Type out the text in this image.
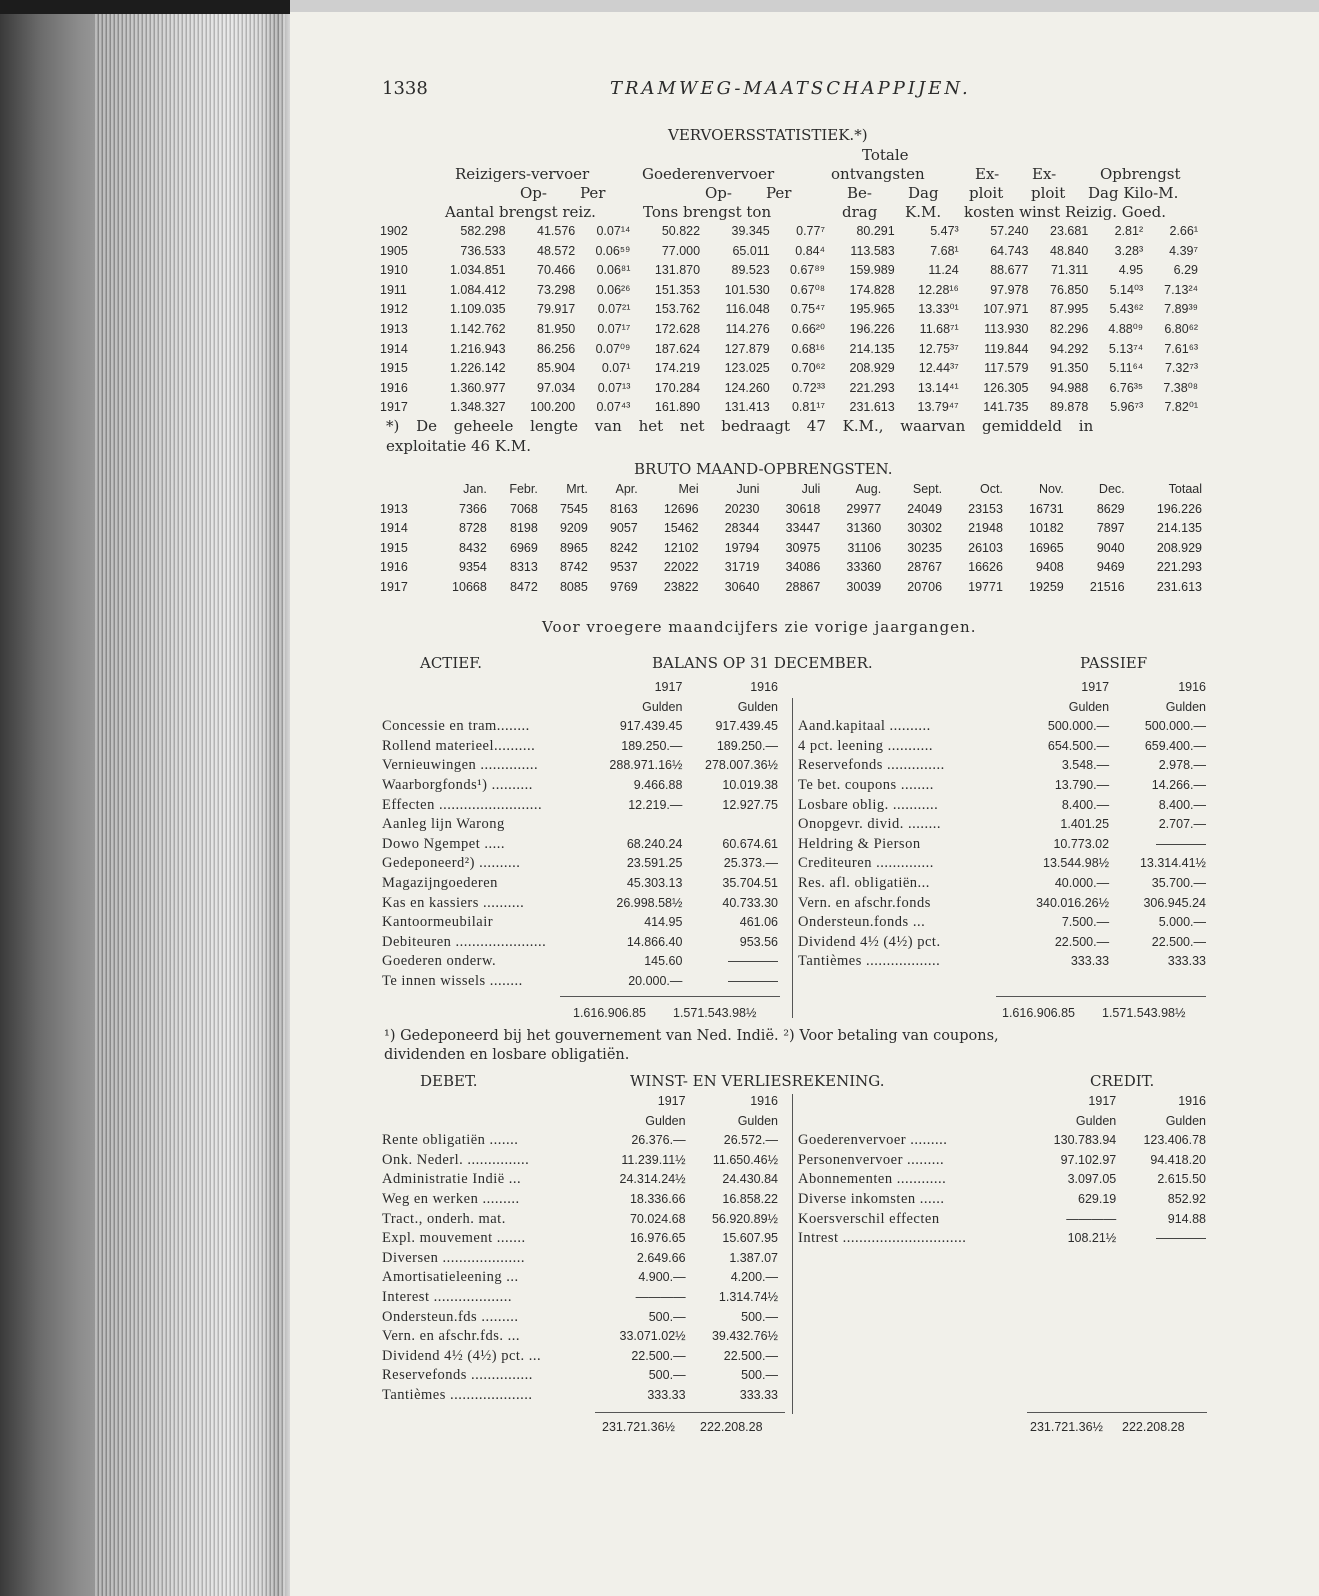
1338	TRAMWEG-MAATSCHAPPIJEN.
VERVOERSSTATISTIEK.*)
Totale
Reizigers-vervoer	Goederenvervoer	ontvangsten	Ex- Ex-	Opbrengst
Op- Per	Op- Per	Be- Dag ploit ploit Dag Kilo-M.
Aantal brengst reiz.	Tons brengst ton	drag K.M. kosten winst Reizig. Goed.
1902	582.298	41.576	0.07¹⁴	50.822	39.345	0.77⁷	80.291	5.47³	57.240	23.681	2.81²	2.66¹
1905	736.533	48.572	0.06⁵⁹	77.000	65.011	0.84⁴	113.583	7.68¹	64.743	48.840	3.28³	4.39⁷
1910	1.034.851	70.466	0.06⁸¹	131.870	89.523	0.67⁸⁹	159.989	11.24	88.677	71.311	4.95	6.29
1911	1.084.412	73.298	0.06²⁶	151.353	101.530	0.67⁰⁸	174.828	12.28¹⁶	97.978	76.850	5.14⁰³	7.13²⁴
1912	1.109.035	79.917	0.07²¹	153.762	116.048	0.75⁴⁷	195.965	13.33⁰¹	107.971	87.995	5.43⁶²	7.89³⁹
1913	1.142.762	81.950	0.07¹⁷	172.628	114.276	0.66²⁰	196.226	11.68⁷¹	113.930	82.296	4.88⁰⁹	6.80⁶²
1914	1.216.943	86.256	0.07⁰⁹	187.624	127.879	0.68¹⁶	214.135	12.75³⁷	119.844	94.292	5.13⁷⁴	7.61⁶³
1915	1.226.142	85.904	0.07¹	174.219	123.025	0.70⁶²	208.929	12.44³⁷	117.579	91.350	5.11⁶⁴	7.32⁷³
1916	1.360.977	97.034	0.07¹³	170.284	124.260	0.72³³	221.293	13.14⁴¹	126.305	94.988	6.76³⁵	7.38⁰⁸
1917	1.348.327	100.200	0.07⁴³	161.890	131.413	0.81¹⁷	231.613	13.79⁴⁷	141.735	89.878	5.96⁷³	7.82⁰¹
*) De geheele lengte van het net bedraagt 47 K.M., waarvan gemiddeld in
exploitatie 46 K.M.
BRUTO MAAND-OPBRENGSTEN.
	Jan.	Febr.	Mrt.	Apr.	Mei	Juni	Juli	Aug.	Sept.	Oct.	Nov.	Dec.	Totaal
1913	7366	7068	7545	8163	12696	20230	30618	29977	24049	23153	16731	8629	196.226
1914	8728	8198	9209	9057	15462	28344	33447	31360	30302	21948	10182	7897	214.135
1915	8432	6969	8965	8242	12102	19794	30975	31106	30235	26103	16965	9040	208.929
1916	9354	8313	8742	9537	22022	31719	34086	33360	28767	16626	9408	9469	221.293
1917	10668	8472	8085	9769	23822	30640	28867	30039	20706	19771	19259	21516	231.613
Voor vroegere maandcijfers zie vorige jaargangen.
ACTIEF.	BALANS OP 31 DECEMBER.	PASSIEF
	1917	1916
	Gulden	Gulden
Concessie en tram........	917.439.45	917.439.45
Rollend materieel..........	189.250.—	189.250.—
Vernieuwingen ..............	288.971.16½	278.007.36½
Waarborgfonds¹) ..........	9.466.88	10.019.38
Effecten .........................	12.219.—	12.927.75
Aanleg lijn Warong		
Dowo Ngempet .....	68.240.24	60.674.61
Gedeponeerd²) ..........	23.591.25	25.373.—
Magazijngoederen	45.303.13	35.704.51
Kas en kassiers ..........	26.998.58½	40.733.30
Kantoormeubilair	414.95	461.06
Debiteuren ......................	14.866.40	953.56
Goederen onderw.	145.60	————
Te innen wissels ........	20.000.—	————
	1917	1916
	Gulden	Gulden
Aand.kapitaal ..........	500.000.—	500.000.—
4 pct. leening ...........	654.500.—	659.400.—
Reservefonds ..............	3.548.—	2.978.—
Te bet. coupons ........	13.790.—	14.266.—
Losbare oblig. ...........	8.400.—	8.400.—
Onopgevr. divid. ........	1.401.25	2.707.—
Heldring & Pierson	10.773.02	————
Crediteuren ..............	13.544.98½	13.314.41½
Res. afl. obligatiën...	40.000.—	35.700.—
Vern. en afschr.fonds	340.016.26½	306.945.24
Ondersteun.fonds ...	7.500.—	5.000.—
Dividend 4½ (4½) pct.	22.500.—	22.500.—
Tantièmes ..................	333.33	333.33
1.616.906.85 1.571.543.98½	1.616.906.85 1.571.543.98½
¹) Gedeponeerd bij het gouvernement van Ned. Indië. ²) Voor betaling van coupons,
dividenden en losbare obligatiën.
DEBET.	WINST- EN VERLIESREKENING.	CREDIT.
	1917	1916
	Gulden	Gulden
Rente obligatiën .......	26.376.—	26.572.—
Onk. Nederl. ...............	11.239.11½	11.650.46½
Administratie Indië ...	24.314.24½	24.430.84
Weg en werken .........	18.336.66	16.858.22
Tract., onderh. mat.	70.024.68	56.920.89½
Expl. mouvement .......	16.976.65	15.607.95
Diversen ....................	2.649.66	1.387.07
Amortisatieleening ...	4.900.—	4.200.—
Interest ...................	————	1.314.74½
Ondersteun.fds .........	500.—	500.—
Vern. en afschr.fds. ...	33.071.02½	39.432.76½
Dividend 4½ (4½) pct. ...	22.500.—	22.500.—
Reservefonds ...............	500.—	500.—
Tantièmes ....................	333.33	333.33
	1917	1916
	Gulden	Gulden
Goederenvervoer .........	130.783.94	123.406.78
Personenvervoer .........	97.102.97	94.418.20
Abonnementen ............	3.097.05	2.615.50
Diverse inkomsten ......	629.19	852.92
Koersverschil effecten	————	914.88
Intrest ..............................	108.21½	————
231.721.36½ 222.208.28	231.721.36½ 222.208.28
